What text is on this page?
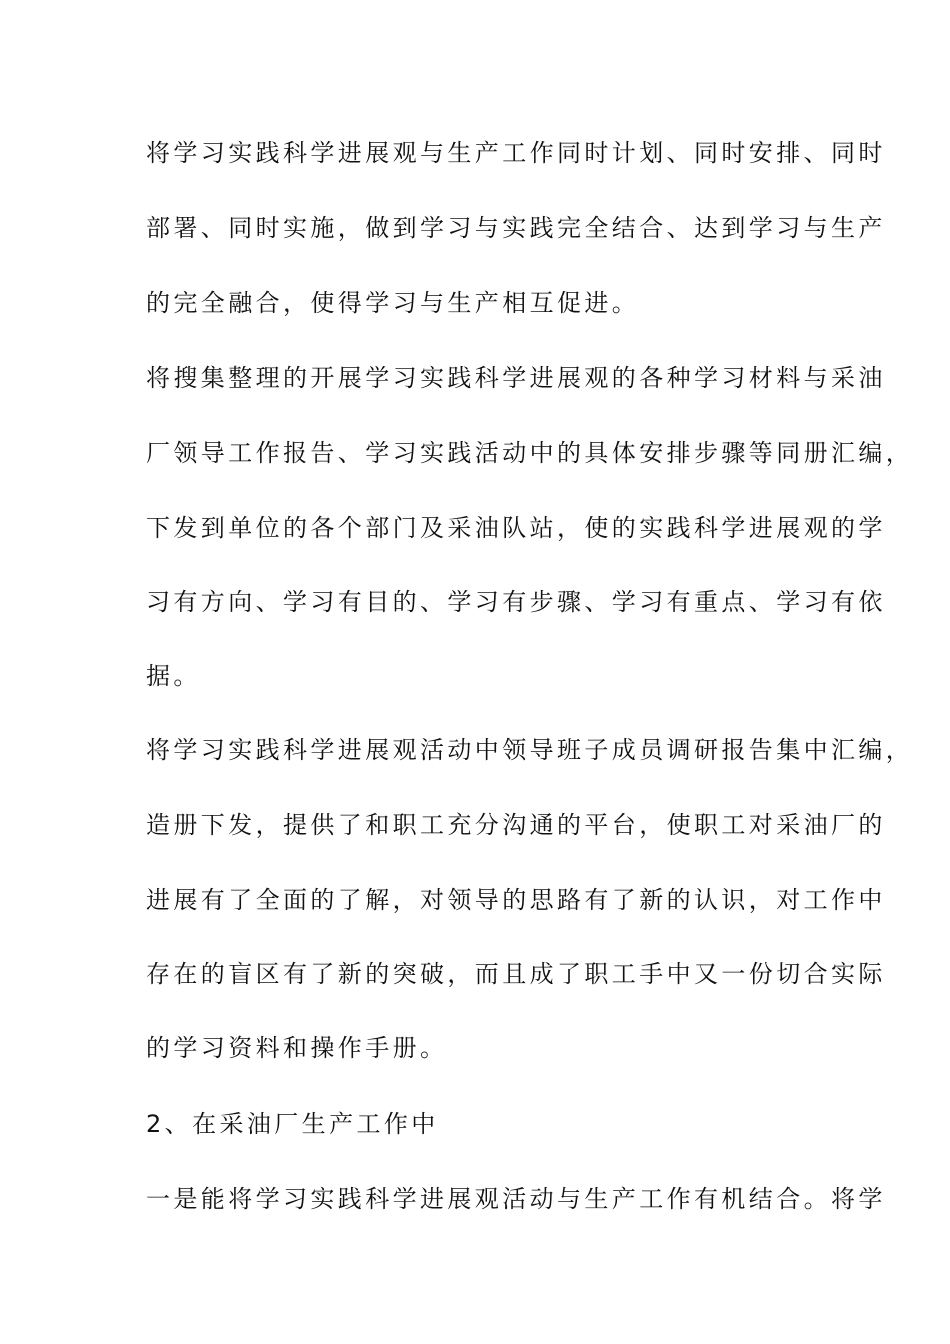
将学习实践科学进展观与生产工作同时计划、同时安排、同时
部署、同时实施，做到学习与实践完全结合、达到学习与生产
的完全融合，使得学习与生产相互促进。
将搜集整理的开展学习实践科学进展观的各种学习材料与采油
厂领导工作报告、学习实践活动中的具体安排步骤等同册汇编，
下发到单位的各个部门及采油队站，使的实践科学进展观的学
习有方向、学习有目的、学习有步骤、学习有重点、学习有依
据。
将学习实践科学进展观活动中领导班子成员调研报告集中汇编，
造册下发，提供了和职工充分沟通的平台，使职工对采油厂的
进展有了全面的了解，对领导的思路有了新的认识，对工作中
存在的盲区有了新的突破，而且成了职工手中又一份切合实际
的学习资料和操作手册。
2、在采油厂生产工作中
一是能将学习实践科学进展观活动与生产工作有机结合。将学
